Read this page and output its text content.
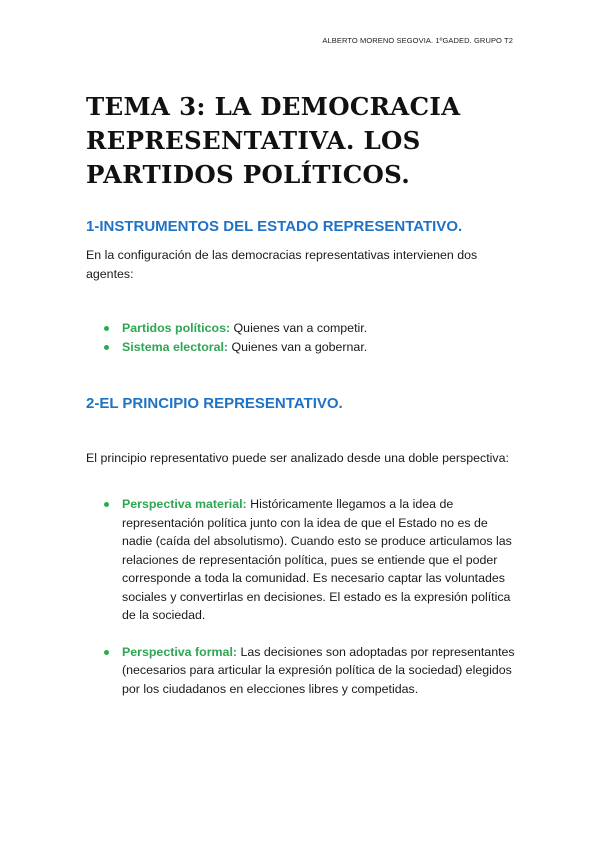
ALBERTO MORENO SEGOVIA. 1ºGADED. GRUPO T2
TEMA 3: LA DEMOCRACIA REPRESENTATIVA. LOS PARTIDOS POLÍTICOS.
1-INSTRUMENTOS DEL ESTADO REPRESENTATIVO.

En la configuración de las democracias representativas intervienen dos agentes:

Partidos políticos: Quienes van a competir.
Sistema electoral: Quienes van a gobernar.
2-EL PRINCIPIO REPRESENTATIVO.

El principio representativo puede ser analizado desde una doble perspectiva:

Perspectiva material: Históricamente llegamos a la idea de representación política junto con la idea de que el Estado no es de nadie (caída del absolutismo). Cuando esto se produce articulamos las relaciones de representación política, pues se entiende que el poder corresponde a toda la comunidad. Es necesario captar las voluntades sociales y convertirlas en decisiones. El estado es la expresión política de la sociedad.
Perspectiva formal: Las decisiones son adoptadas por representantes (necesarios para articular la expresión política de la sociedad) elegidos por los ciudadanos en elecciones libres y competidas.
